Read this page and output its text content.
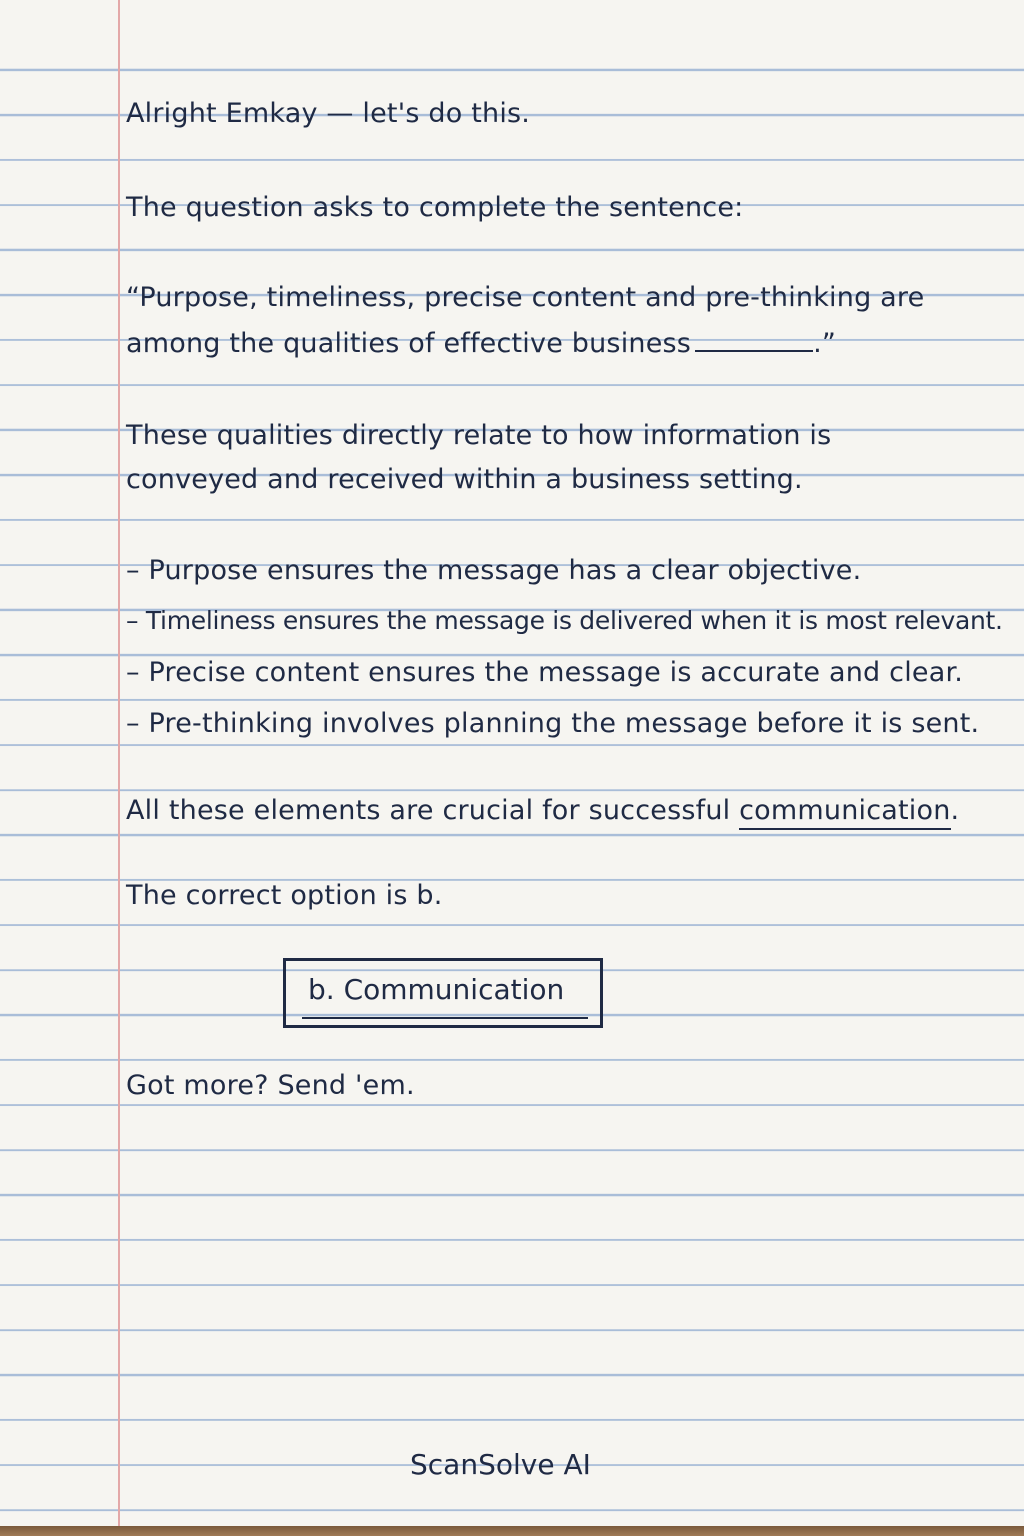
Alright Emkay — let's do this.
The question asks to complete the sentence:
“Purpose, timeliness, precise content and pre-thinking are
among the qualities of effective business	.”
These qualities directly relate to how information is
conveyed and received within a business setting.
– Purpose ensures the message has a clear objective.
– Timeliness ensures the message is delivered when it is most relevant.
– Precise content ensures the message is accurate and clear.
– Pre-thinking involves planning the message before it is sent.
All these elements are crucial for successful communication.
The correct option is b.
b. Communication
Got more? Send 'em.
ScanSolve AI
